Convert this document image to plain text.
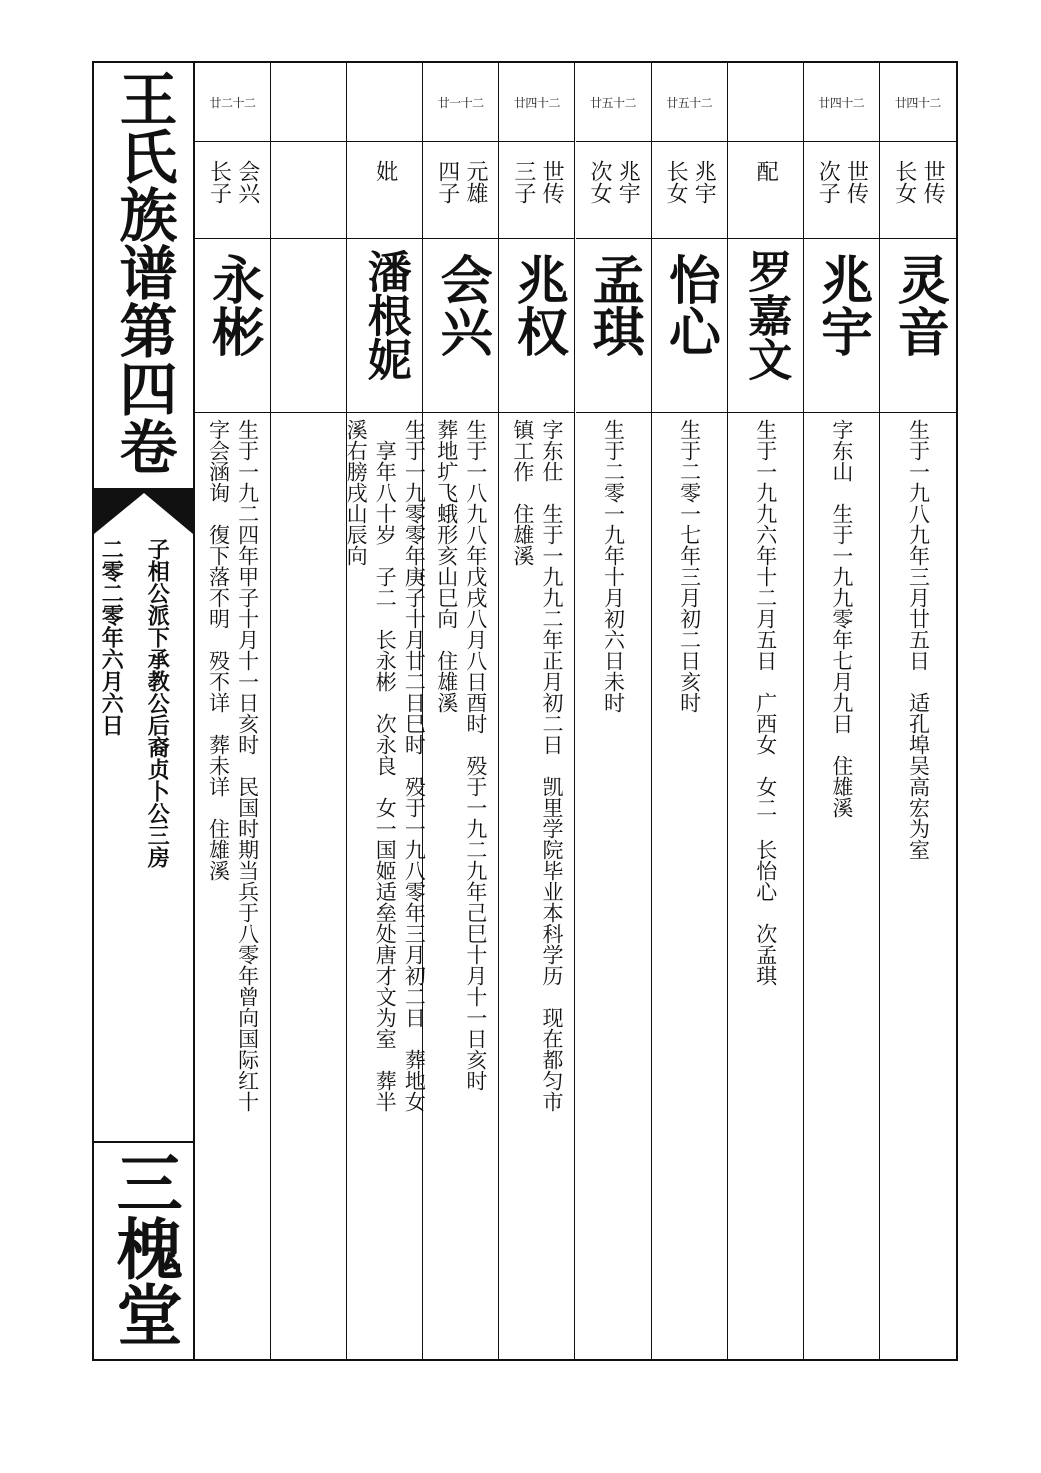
王氏族谱第四卷
子相公派下承教公后裔贞卜公三房
二零二零年六月六日
三槐堂
廿四十二
世传
长女
灵音
生于一九八九年三月廿五日　适孔埠吴高宏为室
廿四十二
世传
次子
兆宇
字东山　生于一九九零年七月九日　住雄溪
配
罗嘉文
生于一九九六年十二月五日　广西女　女二　长怡心　次孟琪
廿五十二
兆宇
长女
怡心
生于二零一七年三月初二日亥时
廿五十二
兆宇
次女
孟琪
生于二零一九年十月初六日未时
廿四十二
世传
三子
兆权
字东仕　生于一九九二年正月初二日　凯里学院毕业本科学历　现在都匀市
镇工作　住雄溪
廿一十二
元雄
四子
会兴
生于一八九八年戊戌八月八日酉时　殁于一九二九年己巳十月十一日亥时
葬地圹飞蛾形亥山巳向　住雄溪
妣
潘根妮
生于一九零零年庚子十月廿二日巳时　殁于一九八零年三月初二日　葬地女
　享年八十岁　子二　长永彬　次永良　女一国姬适垒处唐才文为室　葬半
溪右膀戌山辰向
廿二十二
会兴
长子
永彬
生于一九二四年甲子十月十一日亥时　民国时期当兵于八零年曾向国际红十
字会涵询　復下落不明　殁不详　葬未详　住雄溪
